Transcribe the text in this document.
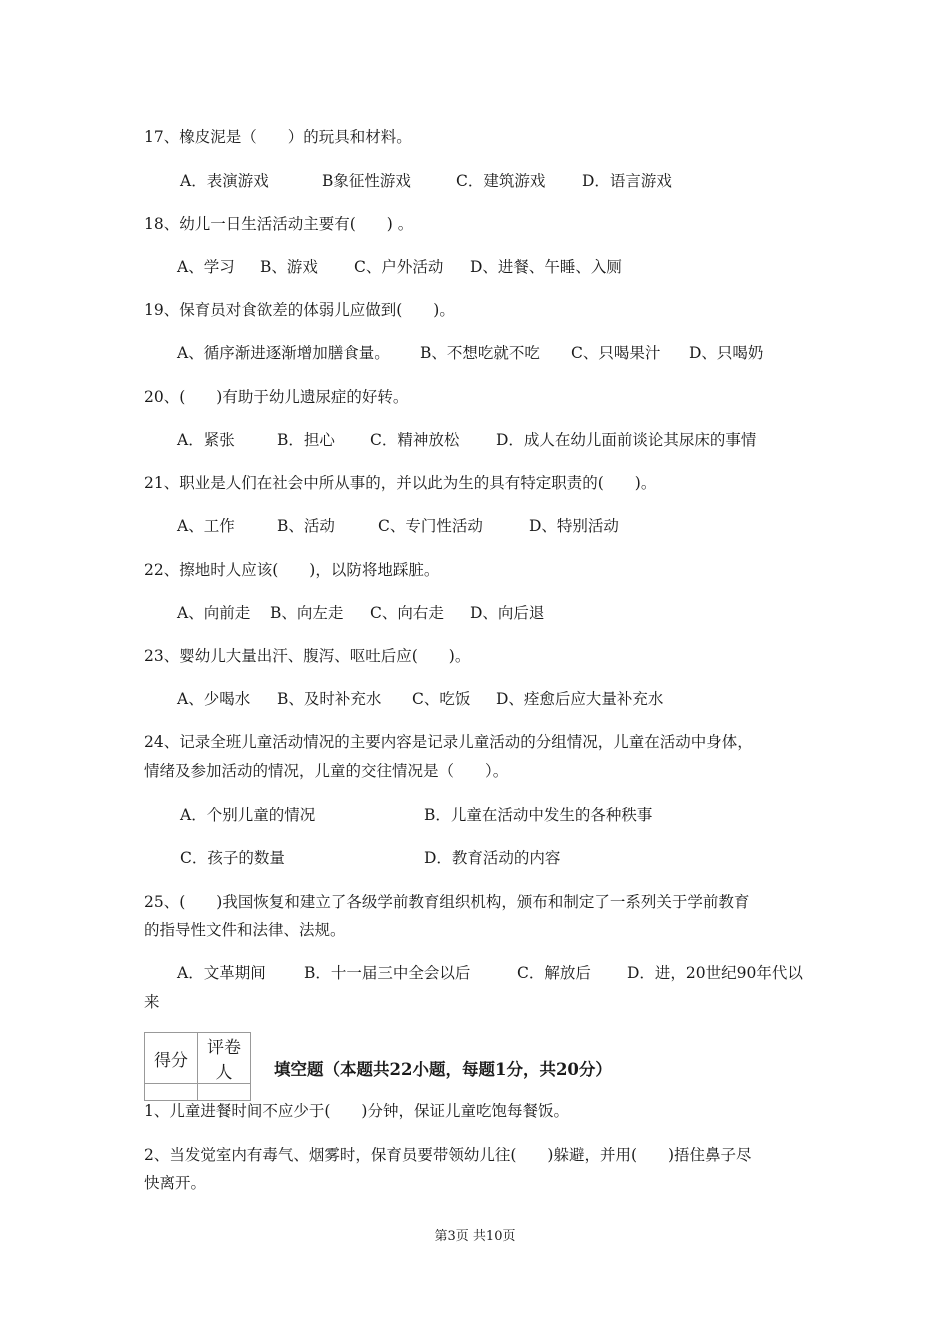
17、橡皮泥是（　　）的玩具和材料。
A．表演游戏	B象征性游戏	C．建筑游戏 D．语言游戏
18、幼儿一日生活活动主要有(　　) 。
A、学习 B、游戏 C、户外活动 D、进餐、午睡、入厕
19、保育员对食欲差的体弱儿应做到(　　)。
A、循序渐进逐渐增加膳食量。 B、不想吃就不吃 C、只喝果汁 D、只喝奶
20、(　　)有助于幼儿遗尿症的好转。
A．紧张	B．担心 C．精神放松 D．成人在幼儿面前谈论其尿床的事情
21、职业是人们在社会中所从事的，并以此为生的具有特定职责的(　　)。
A、工作	B、活动	C、专门性活动	D、特别活动
22、擦地时人应该(　　)，以防将地踩脏。
A、向前走 B、向左走 C、向右走 D、向后退
23、婴幼儿大量出汗、腹泻、呕吐后应(　　)。
A、少喝水 B、及时补充水 C、吃饭 D、痊愈后应大量补充水
24、记录全班儿童活动情况的主要内容是记录儿童活动的分组情况，儿童在活动中身体，
情绪及参加活动的情况，儿童的交往情况是（　　）。
A．个别儿童的情况	B．儿童在活动中发生的各种秩事
C．孩子的数量	D．教育活动的内容
25、(　　)我国恢复和建立了各级学前教育组织机构，颁布和制定了一系列关于学前教育
的指导性文件和法律、法规。
A．文革期间 B．十一届三中全会以后	C．解放后 D．进，20世纪90年代以
来
得分	评卷人
		填空题（本题共22小题，每题1分，共20分）
1、儿童进餐时间不应少于(　　)分钟，保证儿童吃饱每餐饭。
2、当发觉室内有毒气、烟雾时，保育员要带领幼儿往(　　)躲避，并用(　　)捂住鼻子尽
快离开。
第3页 共10页
